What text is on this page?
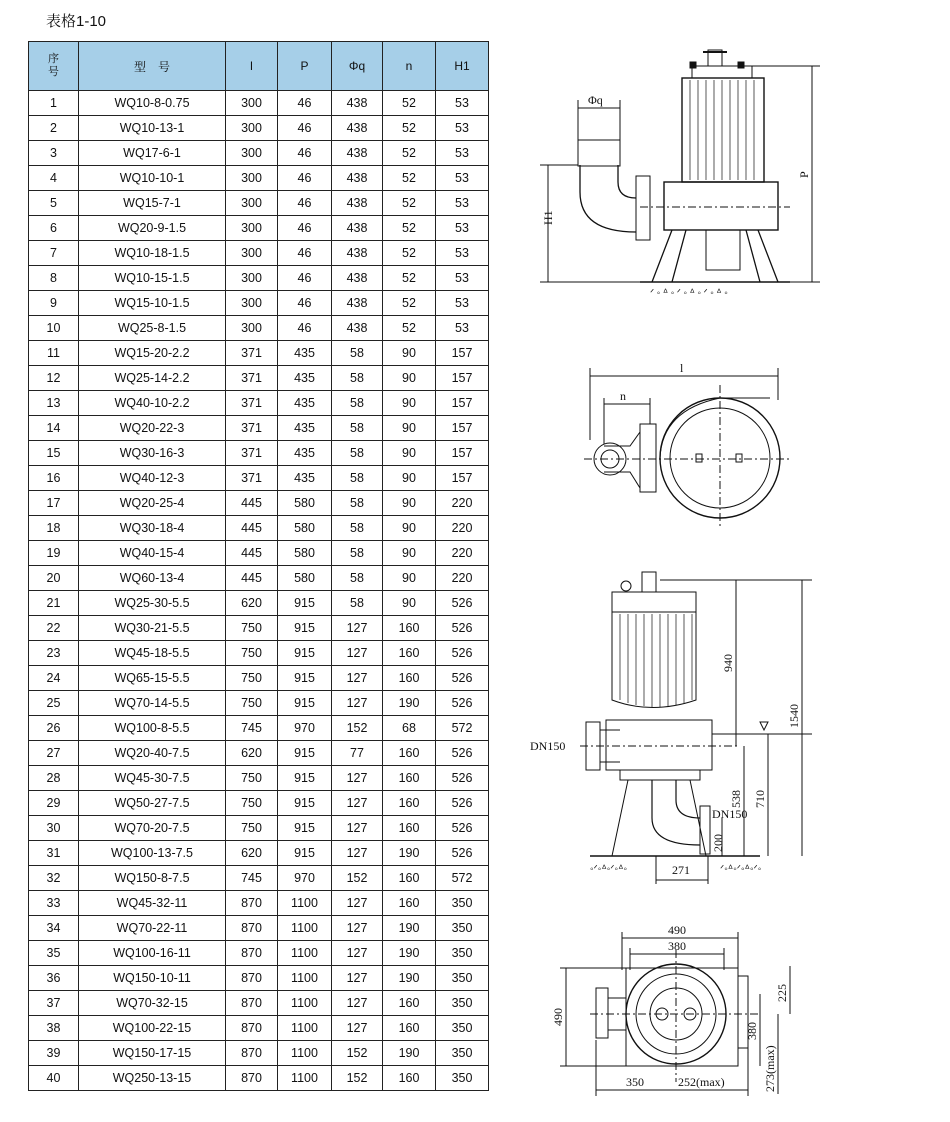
表格1-10
序
号	型　号	l	P	Φq	n	H1
1	WQ10-8-0.75	300	46	438	52	53
2	WQ10-13-1	300	46	438	52	53
3	WQ17-6-1	300	46	438	52	53
4	WQ10-10-1	300	46	438	52	53
5	WQ15-7-1	300	46	438	52	53
6	WQ20-9-1.5	300	46	438	52	53
7	WQ10-18-1.5	300	46	438	52	53
8	WQ10-15-1.5	300	46	438	52	53
9	WQ15-10-1.5	300	46	438	52	53
10	WQ25-8-1.5	300	46	438	52	53
11	WQ15-20-2.2	371	435	58	90	157
12	WQ25-14-2.2	371	435	58	90	157
13	WQ40-10-2.2	371	435	58	90	157
14	WQ20-22-3	371	435	58	90	157
15	WQ30-16-3	371	435	58	90	157
16	WQ40-12-3	371	435	58	90	157
17	WQ20-25-4	445	580	58	90	220
18	WQ30-18-4	445	580	58	90	220
19	WQ40-15-4	445	580	58	90	220
20	WQ60-13-4	445	580	58	90	220
21	WQ25-30-5.5	620	915	58	90	526
22	WQ30-21-5.5	750	915	127	160	526
23	WQ45-18-5.5	750	915	127	160	526
24	WQ65-15-5.5	750	915	127	160	526
25	WQ70-14-5.5	750	915	127	190	526
26	WQ100-8-5.5	745	970	152	68	572
27	WQ20-40-7.5	620	915	77	160	526
28	WQ45-30-7.5	750	915	127	160	526
29	WQ50-27-7.5	750	915	127	160	526
30	WQ70-20-7.5	750	915	127	160	526
31	WQ100-13-7.5	620	915	127	190	526
32	WQ150-8-7.5	745	970	152	160	572
33	WQ45-32-11	870	1100	127	160	350
34	WQ70-22-11	870	1100	127	190	350
35	WQ100-16-11	870	1100	127	190	350
36	WQ150-10-11	870	1100	127	190	350
37	WQ70-32-15	870	1100	127	160	350
38	WQ100-22-15	870	1100	127	160	350
39	WQ150-17-15	870	1100	152	190	350
40	WQ250-13-15	870	1100	152	160	350
ᐟ ◦ ᐞ ◦ ᐟ ◦ ᐞ ◦ ᐟ ◦ ᐞ ◦
Φq
H1
P
l
n
◦ᐟ◦ᐞ◦ᐟ◦ᐞ◦	ᐟ◦ᐞ◦ᐟ◦ᐞ◦ᐟ◦
DN150
DN150
940
1540
710
538
200
271
490
380
490
225
380
273(max)
350	252(max)
